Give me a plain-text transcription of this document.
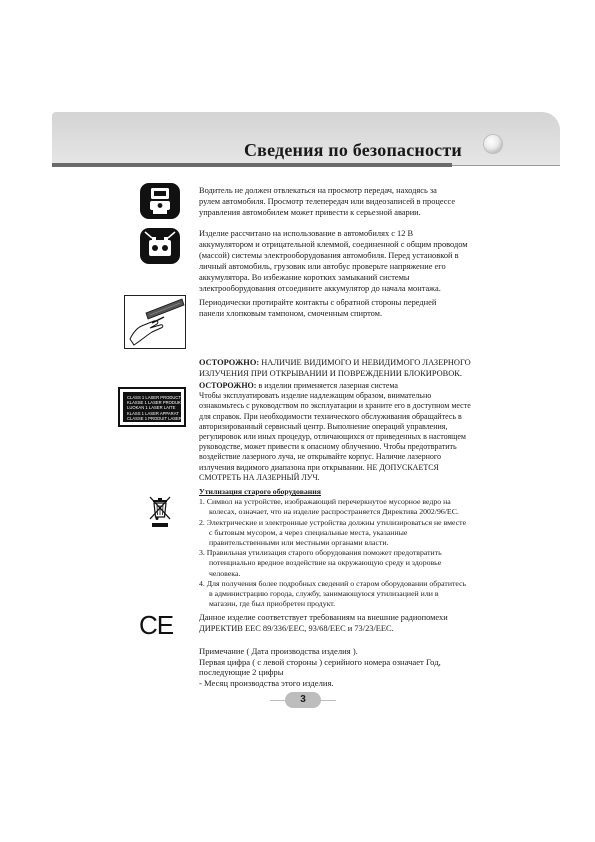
Сведения по безопасности
Водитель не должен отвлекаться на просмотр передач, находясь за
рулем автомобиля. Просмотр телепередач или видеозаписей в процессе
управления автомобилем может привести к серьезной аварии.
Изделие рассчитано на использование в автомобилях с 12 В
аккумулятором и отрицательной клеммой, соединенной с общим проводом
(массой) системы электрооборудования автомобиля. Перед установкой в
личный автомобиль, грузовик или автобус проверьте напряжение его
аккумулятора. Во избежание коротких замыканий системы
электрооборудования отсоедините аккумулятор до начала монтажа.
Периодически протирайте контакты с обратной стороны передней
панели хлопковым тампоном, смоченным спиртом.
ОСТОРОЖНО: НАЛИЧИЕ ВИДИМОГО И НЕВИДИМОГО ЛАЗЕРНОГО
ИЗЛУЧЕНИЯ ПРИ ОТКРЫВАНИИ И ПОВРЕЖДЕНИИ БЛОКИРОВОК.
CLASS 1 LASER PRODUCT
KLASSE 1 LASER PRODUKT
LUOKAN 1 LASER LAITE
KLASS 1 LASER APPARAT
CLASSE 1 PRODUIT LASER
ОСТОРОЖНО: в изделии применяется лазерная система
Чтобы эксплуатировать изделие надлежащим образом, внимательно
ознакомьтесь с руководством по эксплуатации и храните его в доступном месте
для справок. При необходимости технического обслуживания обращайтесь в
авторизированный сервисный центр. Выполнение операций управления,
регулировок или иных процедур, отличающихся от приведенных в настоящем
руководстве, может привести к опасному облучению. Чтобы предотвратить
воздействие лазерного луча, не открывайте корпус. Наличие лазерного
излучения видимого диапазона при открывании. НЕ ДОПУСКАЕТСЯ
СМОТРЕТЬ НА ЛАЗЕРНЫЙ ЛУЧ.
Утилизация старого оборудования
1. Символ на устройстве, изображающий перечеркнутое мусорное ведро на
колесах, означает, что на изделие распространяется Директива 2002/96/EC.
2. Электрические и электронные устройства должны утилизироваться не вместе
с бытовым мусором, а через специальные места, указанные
правительственными или местными органами власти.
3. Правильная утилизация старого оборудования поможет предотвратить
потенциально вредное воздействие на окружающую среду и здоровье
человека.
4. Для получения более подробных сведений о старом оборудовании обратитесь
в администрацию города, службу, занимающуюся утилизацией или в
магазин, где был приобретен продукт.
CE	Данное изделие соответствует требованиям на внешние радиопомехи
ДИРЕКТИВ EEC 89/336/EEC, 93/68/EEC и 73/23/EEC.
Примечание ( Дата производства изделия ).
Первая цифра ( с левой стороны ) серийного номера означает Год,
последующие 2 цифры
- Месяц производства этого изделия.
3
